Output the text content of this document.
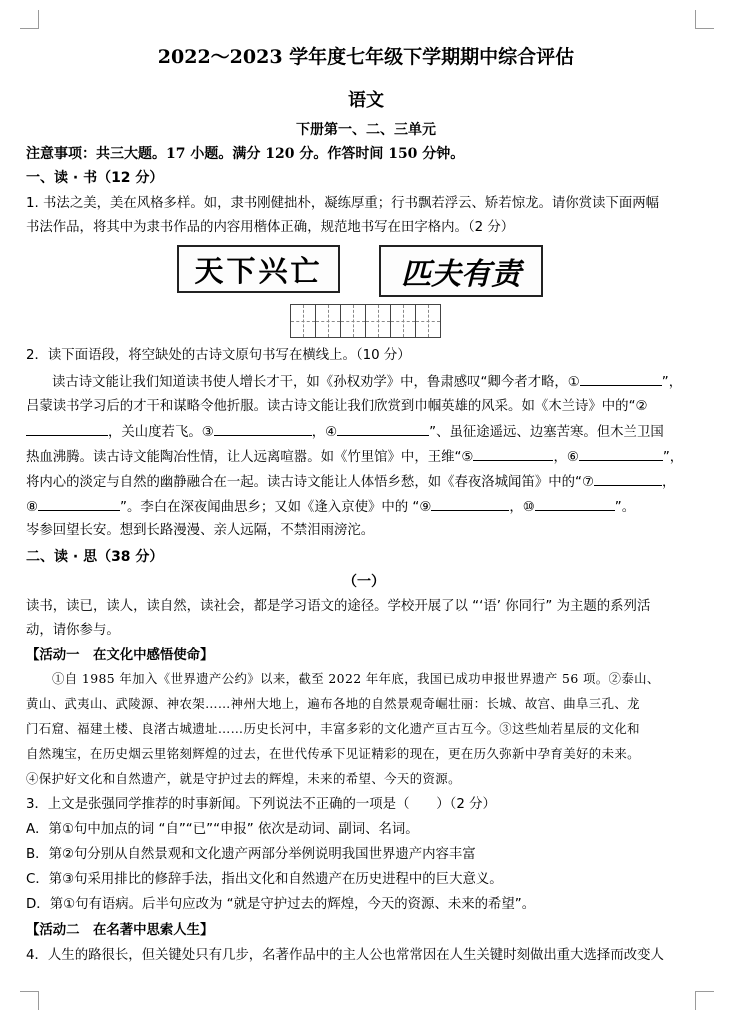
2022～2023 学年度七年级下学期期中综合评估
语文
下册第一、二、三单元
注意事项：共三大题。17 小题。满分 120 分。作答时间 150 分钟。
一、读 · 书（12 分）
1. 书法之美，美在风格多样。如，隶书刚健拙朴，凝练厚重；行书飘若浮云、矫若惊龙。请你赏读下面两幅
书法作品，将其中为隶书作品的内容用楷体正确，规范地书写在田字格内。（2 分）
天下兴亡	匹夫有责
2．读下面语段，将空缺处的古诗文原句书写在横线上。（10 分）
读古诗文能让我们知道读书使人增长才干，如《孙权劝学》中，鲁肃感叹“卿今者才略，①	”，
吕蒙读书学习后的才干和谋略令他折服。读古诗文能让我们欣赏到巾帼英雄的风采。如《木兰诗》中的“②
，关山度若飞。③	，④	”、虽征途遥远、边塞苦寒。但木兰卫国
热血沸腾。读古诗文能陶冶性情，让人远离喧嚣。如《竹里馆》中，王维“⑤	，⑥	”，
将内心的淡定与自然的幽静融合在一起。读古诗文能让人体悟乡愁，如《春夜洛城闻笛》中的“⑦	，
⑧	”。李白在深夜闻曲思乡；又如《逢入京使》中的 “⑨	，⑩	”。
岑参回望长安。想到长路漫漫、亲人远隔，不禁泪雨滂沱。
二、读 · 思（38 分）
（一）
读书，读已，读人，读自然，读社会，都是学习语文的途径。学校开展了以 “‘语’ 你同行” 为主题的系列活
动，请你参与。
【活动一　在文化中感悟使命】
①自 1985 年加入《世界遗产公约》以来，截至 2022 年年底，我国已成功申报世界遗产 56 项。②泰山、
黄山、武夷山、武陵源、神农架……神州大地上，遍布各地的自然景观奇崛壮丽：长城、故宫、曲阜三孔、龙
门石窟、福建土楼、良渚古城遗址……历史长河中，丰富多彩的文化遗产亘古互今。③这些灿若星辰的文化和
自然瑰宝，在历史烟云里铭刻辉煌的过去，在世代传承下见证精彩的现在，更在历久弥新中孕育美好的未来。
④保护好文化和自然遗产，就是守护过去的辉煌，未来的希望、今天的资源。
3．上文是张强同学推荐的时事新闻。下列说法不正确的一项是（　　）（2 分）
A．第①句中加点的词 “自”“已”“申报” 依次是动词、副词、名词。
B．第②句分别从自然景观和文化遗产两部分举例说明我国世界遗产内容丰富
C．第③句采用排比的修辞手法，指出文化和自然遗产在历史进程中的巨大意义。
D．第①句有语病。后半句应改为 “就是守护过去的辉煌，今天的资源、未来的希望”。
【活动二　在名著中思索人生】
4．人生的路很长，但关键处只有几步，名著作品中的主人公也常常因在人生关键时刻做出重大选择而改变人
